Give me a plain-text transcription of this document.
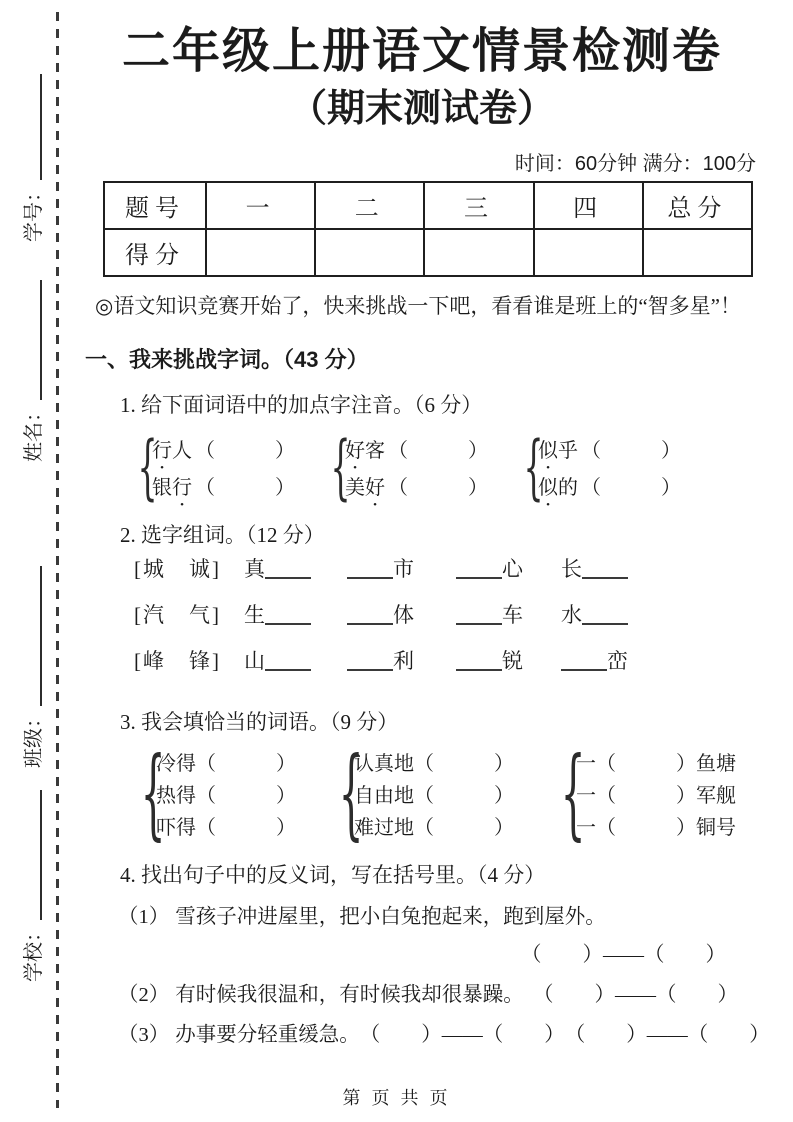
学号：
姓名：
班级：
学校：
二年级上册语文情景检测卷
（期末测试卷）
时间：60分钟 满分：100分
题号	一	二	三	四	总分
得分					
◎语文知识竞赛开始了，快来挑战一下吧，看看谁是班上的“智多星”！
一、我来挑战字词。（43 分）
1. 给下面词语中的加点字注音。（6 分）
{
行 • 人 （　　　）
银 行 • （　　　）
{
好 • 客 （　　　）
美 好 • （　　　）
{
似 • 乎 （　　　）
似 • 的 （　　　）
2. 选字组词。（12 分）
[城　诚]	真	市	心 长
[汽　气]	生	体	车 水
[峰　锋]	山	利	锐	峦
3. 我会填恰当的词语。（9 分）
{
冷得（　　　）
热得（　　　）
吓得（　　　）
{
认真地（　　　）
自由地（　　　）
难过地（　　　）
{
一（　　　）鱼塘
一（　　　）军舰
一（　　　）铜号
4. 找出句子中的反义词，写在括号里。（4 分）
（1） 雪孩子冲进屋里，把小白兔抱起来，跑到屋外。
（　　）——（　　）
（2） 有时候我很温和，有时候我却很暴躁。 （　　）——（　　）
（3） 办事要分轻重缓急。 （　　）——（　　）　（　　）——（　　）
第 页 共 页
